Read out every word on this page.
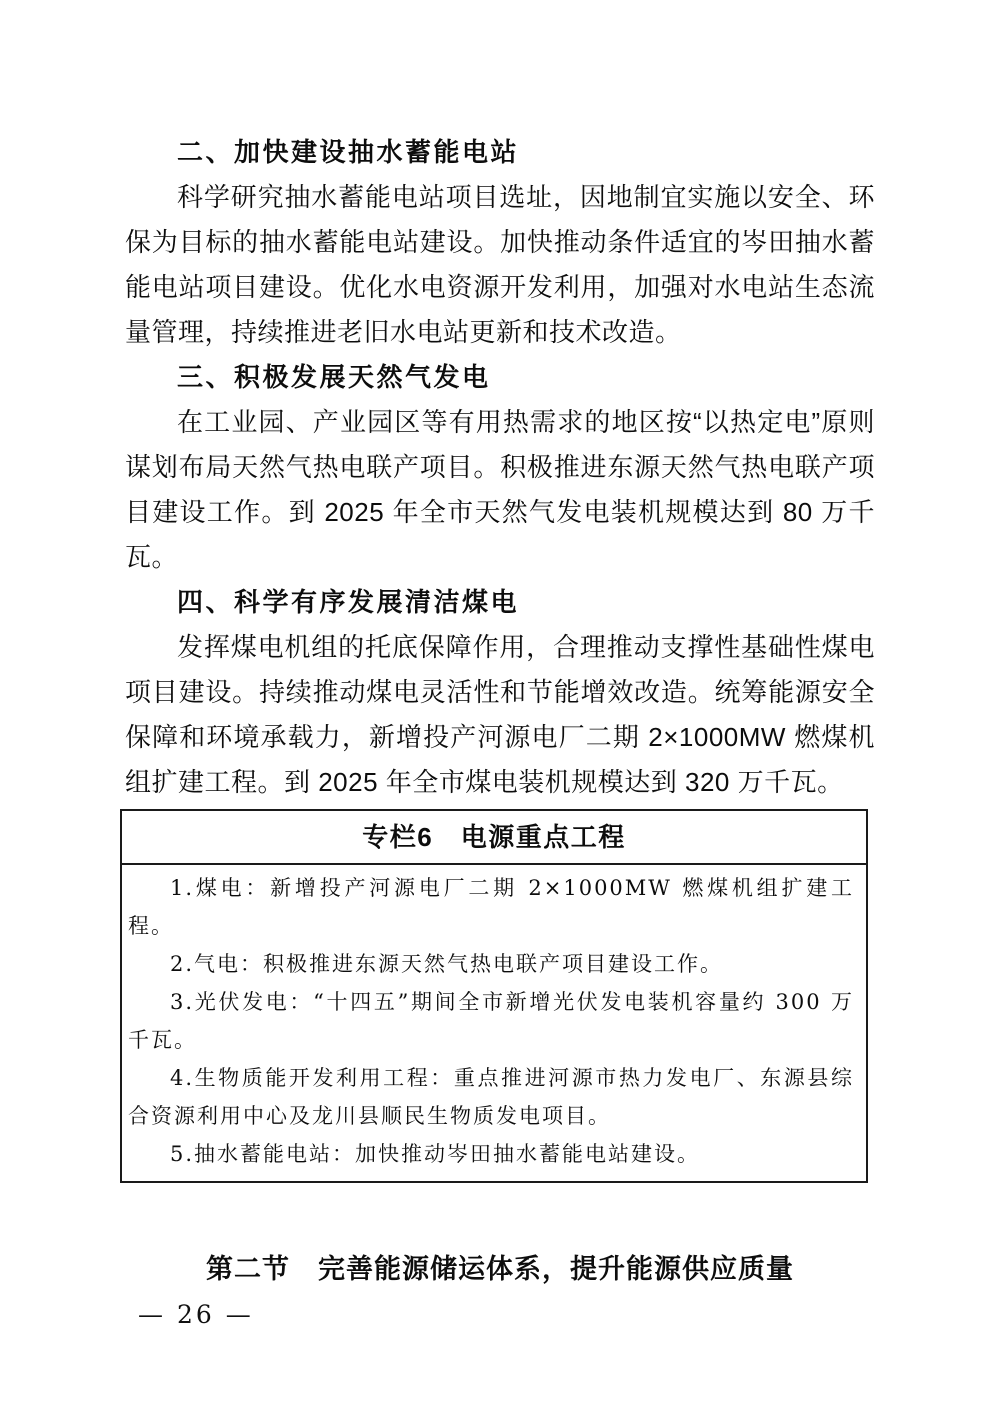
二、加快建设抽水蓄能电站

科学研究抽水蓄能电站项目选址，因地制宜实施以安全、环保为目标的抽水蓄能电站建设。加快推动条件适宜的岑田抽水蓄能电站项目建设。优化水电资源开发利用，加强对水电站生态流量管理，持续推进老旧水电站更新和技术改造。

三、积极发展天然气发电

在工业园、产业园区等有用热需求的地区按“以热定电”原则谋划布局天然气热电联产项目。积极推进东源天然气热电联产项目建设工作。到 2025 年全市天然气发电装机规模达到 80 万千瓦。

四、科学有序发展清洁煤电

发挥煤电机组的托底保障作用，合理推动支撑性基础性煤电项目建设。持续推动煤电灵活性和节能增效改造。统筹能源安全保障和环境承载力，新增投产河源电厂二期 2×1000MW 燃煤机组扩建工程。到 2025 年全市煤电装机规模达到 320 万千瓦。

专栏6　电源重点工程

1.煤电：新增投产河源电厂二期 2×1000MW 燃煤机组扩建工程。

2.气电：积极推进东源天然气热电联产项目建设工作。

3.光伏发电：“十四五”期间全市新增光伏发电装机容量约 300 万千瓦。

4.生物质能开发利用工程：重点推进河源市热力发电厂、东源县综合资源利用中心及龙川县顺民生物质发电项目。

5.抽水蓄能电站：加快推动岑田抽水蓄能电站建设。

第二节　完善能源储运体系，提升能源供应质量
— 26 —
